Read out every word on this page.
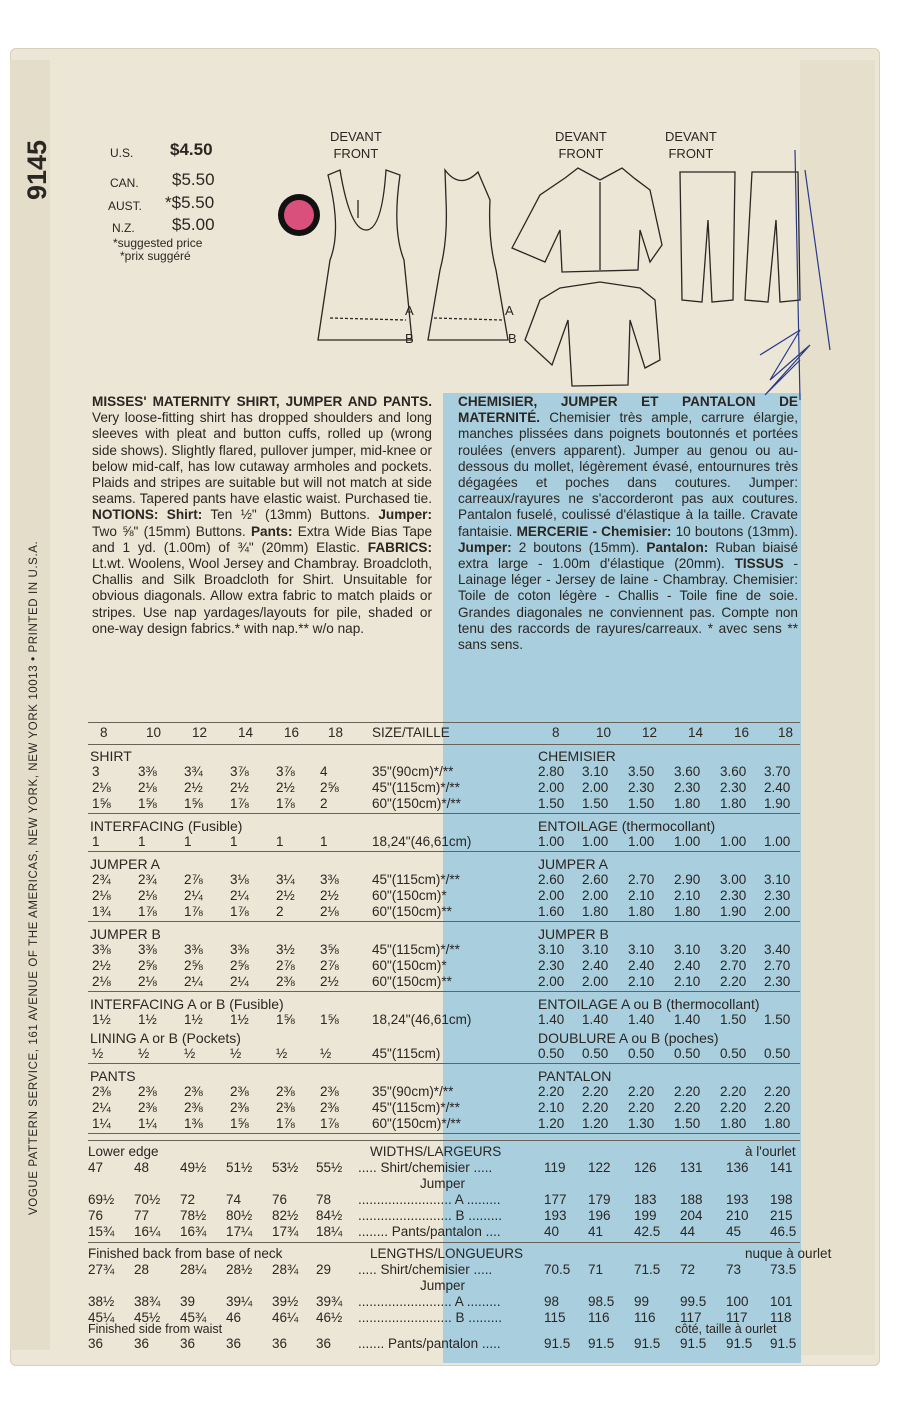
9145
VOGUE PATTERN SERVICE, 161 AVENUE OF THE AMERICAS, NEW YORK, NEW YORK 10013 • PRINTED IN U.S.A.
*suggested price
*prix suggéré
DEVANT
FRONT
DEVANT
FRONT
DEVANT
FRONT
A
B
A
B
MISSES' MATERNITY SHIRT, JUMPER AND PANTS. Very loose-fitting shirt has dropped shoulders and long sleeves with pleat and button cuffs, rolled up (wrong side shows). Slightly flared, pullover jumper, mid-knee or below mid-calf, has low cutaway armholes and pockets. Plaids and stripes are suitable but will not match at side seams. Tapered pants have elastic waist. Purchased tie. NOTIONS: Shirt: Ten ½" (13mm) Buttons. Jumper: Two ⅝" (15mm) Buttons. Pants: Extra Wide Bias Tape and 1 yd. (1.00m) of ¾" (20mm) Elastic. FABRICS: Lt.wt. Woolens, Wool Jersey and Chambray. Broadcloth, Challis and Silk Broadcloth for Shirt. Unsuitable for obvious diagonals. Allow extra fabric to match plaids or stripes. Use nap yardages/layouts for pile, shaded or one-way design fabrics.* with nap.** w/o nap.
CHEMISIER, JUMPER ET PANTALON DE MATERNITÉ. Chemisier très ample, carrure élargie, manches plissées dans poignets boutonnés et portées roulées (envers apparent). Jumper au genou ou au-dessous du mollet, légèrement évasé, entournures très dégagées et poches dans coutures. Jumper: carreaux/rayures ne s'accorderont pas aux coutures. Pantalon fuselé, coulissé d'élastique à la taille. Cravate fantaisie. MERCERIE - Chemisier: 10 boutons (13mm). Jumper: 2 boutons (15mm). Pantalon: Ruban biaisé extra large - 1.00m d'élastique (20mm). TISSUS - Lainage léger - Jersey de laine - Chambray. Chemisier: Toile de coton légère - Challis - Toile fine de soie. Grandes diagonales ne conviennent pas. Compte non tenu des raccords de rayures/carreaux. * avec sens ** sans sens.
U.S. $4.50
CAN. $5.50
AUST. *$5.50
N.Z. $5.00
8	8
10	10
12	12
14	14
16	16
18	18
SIZE/TAILLE
SHIRT	CHEMISIER
3	3⅜ 3¾ 3⅞ 3⅞ 4	35"(90cm)*/**	2.80 3.10 3.50 3.60 3.60 3.70
2⅛ 2⅛ 2½ 2½ 2½ 2⅝ 45"(115cm)*/**	2.00 2.00 2.30 2.30 2.30 2.40
1⅝ 1⅝ 1⅝ 1⅞ 1⅞ 2	60"(150cm)*/**	1.50 1.50 1.50 1.80 1.80 1.90
INTERFACING (Fusible)	ENTOILAGE (thermocollant)
1	1	1	1	1	1	18,24"(46,61cm)	1.00 1.00 1.00 1.00 1.00 1.00
JUMPER A	JUMPER A
2¾ 2¾ 2⅞ 3⅛ 3¼ 3⅜ 45"(115cm)*/**	2.60 2.60 2.70 2.90 3.00 3.10
2⅛ 2⅛ 2¼ 2¼ 2½ 2½ 60"(150cm)*	2.00 2.00 2.10 2.10 2.30 2.30
1¾ 1⅞ 1⅞ 1⅞ 2	2⅛ 60"(150cm)**	1.60 1.80 1.80 1.80 1.90 2.00
JUMPER B	JUMPER B
3⅜ 3⅜ 3⅜ 3⅜ 3½ 3⅝ 45"(115cm)*/**	3.10 3.10 3.10 3.10 3.20 3.40
2½ 2⅝ 2⅝ 2⅝ 2⅞ 2⅞ 60"(150cm)*	2.30 2.40 2.40 2.40 2.70 2.70
2⅛ 2⅛ 2¼ 2¼ 2⅜ 2½ 60"(150cm)**	2.00 2.00 2.10 2.10 2.20 2.30
INTERFACING A or B (Fusible)	ENTOILAGE A ou B (thermocollant)
1½ 1½ 1½ 1½ 1⅝ 1⅝ 18,24"(46,61cm)	1.40 1.40 1.40 1.40 1.50 1.50
LINING A or B (Pockets)	DOUBLURE A ou B (poches)
½	½	½	½	½ ½	45"(115cm)	0.50 0.50 0.50 0.50 0.50 0.50
PANTS	PANTALON
2⅜ 2⅜ 2⅜ 2⅜ 2⅜ 2⅜ 35"(90cm)*/**	2.20 2.20 2.20 2.20 2.20 2.20
2¼ 2⅜ 2⅜ 2⅜ 2⅜ 2⅜ 45"(115cm)*/**	2.10 2.20 2.20 2.20 2.20 2.20
1¼ 1¼ 1⅜ 1⅝ 1⅞ 1⅞ 60"(150cm)*/**	1.20 1.20 1.30 1.50 1.80 1.80
Lower edge	WIDTHS/LARGEURS	à l'ourlet
47 48 49½ 51½ 53½ 55½ ..... Shirt/chemisier .....	119 122 126 131 136 141
Jumper
69½ 70½ 72 74 76 78 ......................... A .........	177 179 183 188 193 198
76 77 78½ 80½ 82½ 84½ ......................... B .........	193 196 199 204 210 215
15¾ 16¼ 16¾ 17¼ 17¾ 18¼ ........ Pants/pantalon ....	40 41 42.5 44 45 46.5
Finished back from base of neck	LENGTHS/LONGUEURS	nuque à ourlet
27¾ 28 28¼ 28½ 28¾ 29 ..... Shirt/chemisier .....	70.5 71 71.5 72 73 73.5
Jumper
38½ 38¾ 39 39¼ 39½ 39¾ ......................... A .........	98 98.5 99 99.5 100 101
45¼ 45½ 45¾ 46 46¼ 46½ ......................... B .........	115 116 116 117 117 118
Finished side from waist	côté, taille à ourlet
36 36 36 36 36 36 ....... Pants/pantalon .....	91.5 91.5 91.5 91.5 91.5 91.5
